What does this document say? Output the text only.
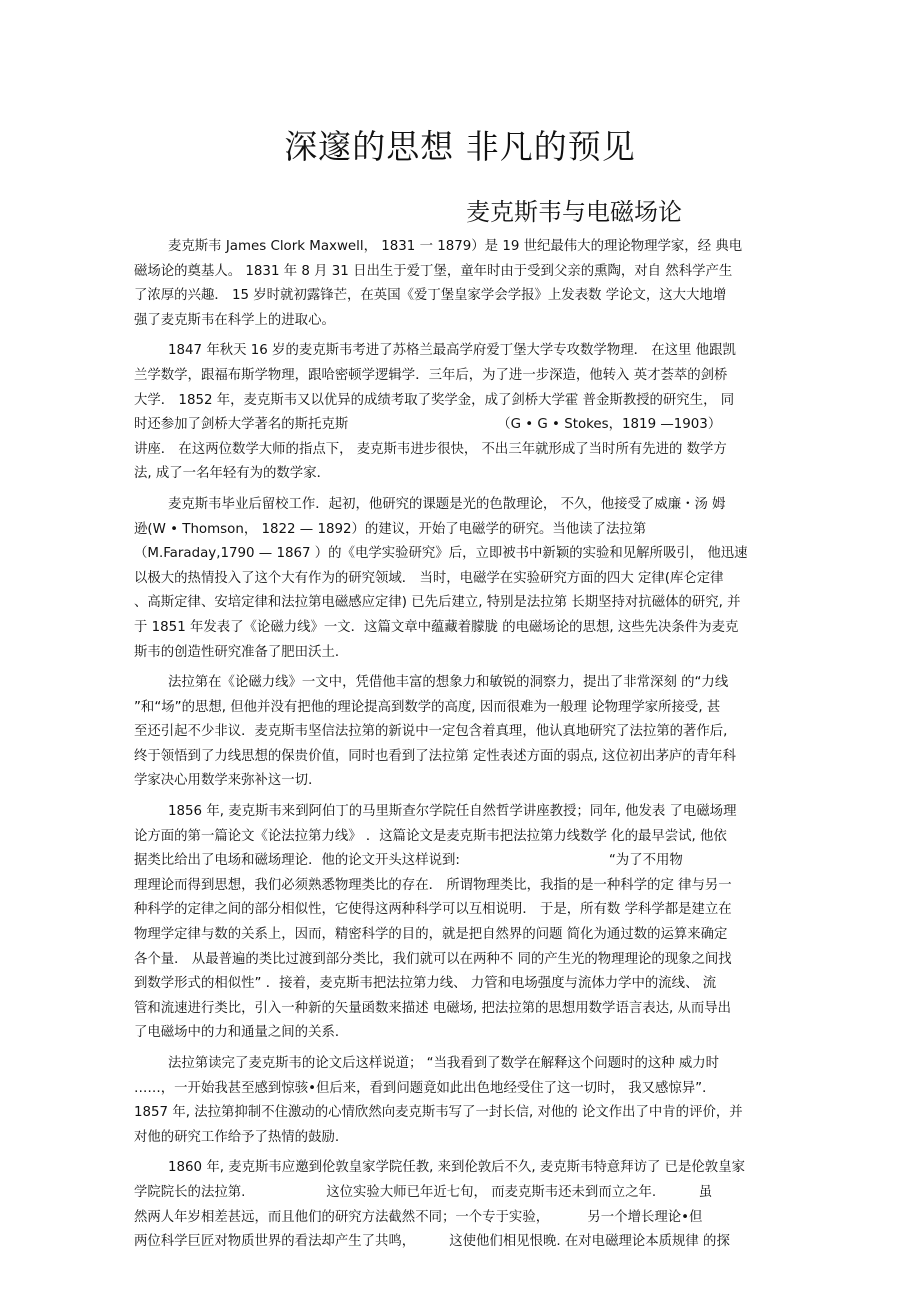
深邃的思想 非凡的预见
麦克斯韦与电磁场论
麦克斯韦 James Clork Maxwell， 1831 一 1879）是 19 世纪最伟大的理论物理学家，经 典电
磁场论的奠基人。 1831 年 8 月 31 日出生于爱丁堡，童年时由于受到父亲的熏陶，对自 然科学产生
了浓厚的兴趣． 15 岁时就初露锋芒，在英国《爱丁堡皇家学会学报》上发表数 学论文，这大大地增
强了麦克斯韦在科学上的进取心。
1847 年秋天 16 岁的麦克斯韦考进了苏格兰最高学府爱丁堡大学专攻数学物理． 在这里 他跟凯
兰学数学，跟福布斯学物理，跟哈密顿学逻辑学．三年后，为了进一步深造，他转入 英才荟萃的剑桥
大学． 1852 年，麦克斯韦又以优异的成绩考取了奖学金，成了剑桥大学霍 普金斯教授的研究生， 同
时还参加了剑桥大学著名的斯托克斯                                   （G • G • Stokes，1819 —1903）
讲座． 在这两位数学大师的指点下， 麦克斯韦进步很快， 不出三年就形成了当时所有先进的 数学方
法, 成了一名年轻有为的数学家．
麦克斯韦毕业后留校工作．起初，他研究的课题是光的色散理论， 不久，他接受了威廉・汤 姆
逊(W • Thomson， 1822 — 1892）的建议，开始了电磁学的研究。当他读了法拉第
（M.Faraday,1790 — 1867 ）的《电学实验研究》后，立即被书中新颖的实验和见解所吸引， 他迅速
以极大的热情投入了这个大有作为的研究领域． 当时，电磁学在实验研究方面的四大 定律(库仑定律
、高斯定律、安培定律和法拉第电磁感应定律) 已先后建立, 特别是法拉第 长期坚持对抗磁体的研究, 并
于 1851 年发表了《论磁力线》一文．这篇文章中蕴藏着朦胧 的电磁场论的思想, 这些先决条件为麦克
斯韦的创造性研究准备了肥田沃土．
法拉第在《论磁力线》一文中，凭借他丰富的想象力和敏锐的洞察力，提出了非常深刻 的“力线
”和“场”的思想, 但他并没有把他的理论提高到数学的高度, 因而很难为一般理 论物理学家所接受, 甚
至还引起不少非议．麦克斯韦坚信法拉第的新说中一定包含着真理，他认真地研究了法拉第的著作后,
终于领悟到了力线思想的保贵价值，同时也看到了法拉第 定性表述方面的弱点, 这位初出茅庐的青年科
学家决心用数学来弥补这一切．
1856 年, 麦克斯韦来到阿伯丁的马里斯查尔学院任自然哲学讲座教授；同年, 他发表 了电磁场理
论方面的第一篇论文《论法拉第力线》 ．这篇论文是麦克斯韦把法拉第力线数学 化的最早尝试, 他依
据类比给出了电场和磁场理论．他的论文开头这样说到:                                   “为了不用物
理理论而得到思想，我们必须熟悉物理类比的存在． 所谓物理类比，我指的是一种科学的定 律与另一
种科学的定律之间的部分相似性，它使得这两种科学可以互相说明． 于是，所有数 学科学都是建立在
物理学定律与数的关系上，因而，精密科学的目的，就是把自然界的问题 简化为通过数的运算来确定
各个量． 从最普遍的类比过渡到部分类比，我们就可以在两种不 同的产生光的物理理论的现象之间找
到数学形式的相似性” ．接着，麦克斯韦把法拉第力线、 力管和电场强度与流体力学中的流线、 流
管和流速进行类比，引入一种新的矢量函数来描述 电磁场, 把法拉第的思想用数学语言表达, 从而导出
了电磁场中的力和通量之间的关系．
法拉第读完了麦克斯韦的论文后这样说道； “当我看到了数学在解释这个问题时的这种 威力时
……，一开始我甚至感到惊骇•但后来，看到问题竟如此出色地经受住了这一切时， 我又感惊异”．
1857 年, 法拉第抑制不住激动的心情欣然向麦克斯韦写了一封长信, 对他的 论文作出了中肯的评价，并
对他的研究工作给予了热情的鼓励.
1860 年, 麦克斯韦应邀到伦敦皇家学院任教, 来到伦敦后不久, 麦克斯韦特意拜访了 已是伦敦皇家
学院院长的法拉第.                   这位实验大师已年近七旬， 而麦克斯韦还未到而立之年.          虽
然两人年岁相差甚远，而且他们的研究方法截然不同；一个专于实验，         另一个增长理论•但
两位科学巨匠对物质世界的看法却产生了共鸣，        这使他们相见恨晚. 在对电磁理论本质规律 的探
